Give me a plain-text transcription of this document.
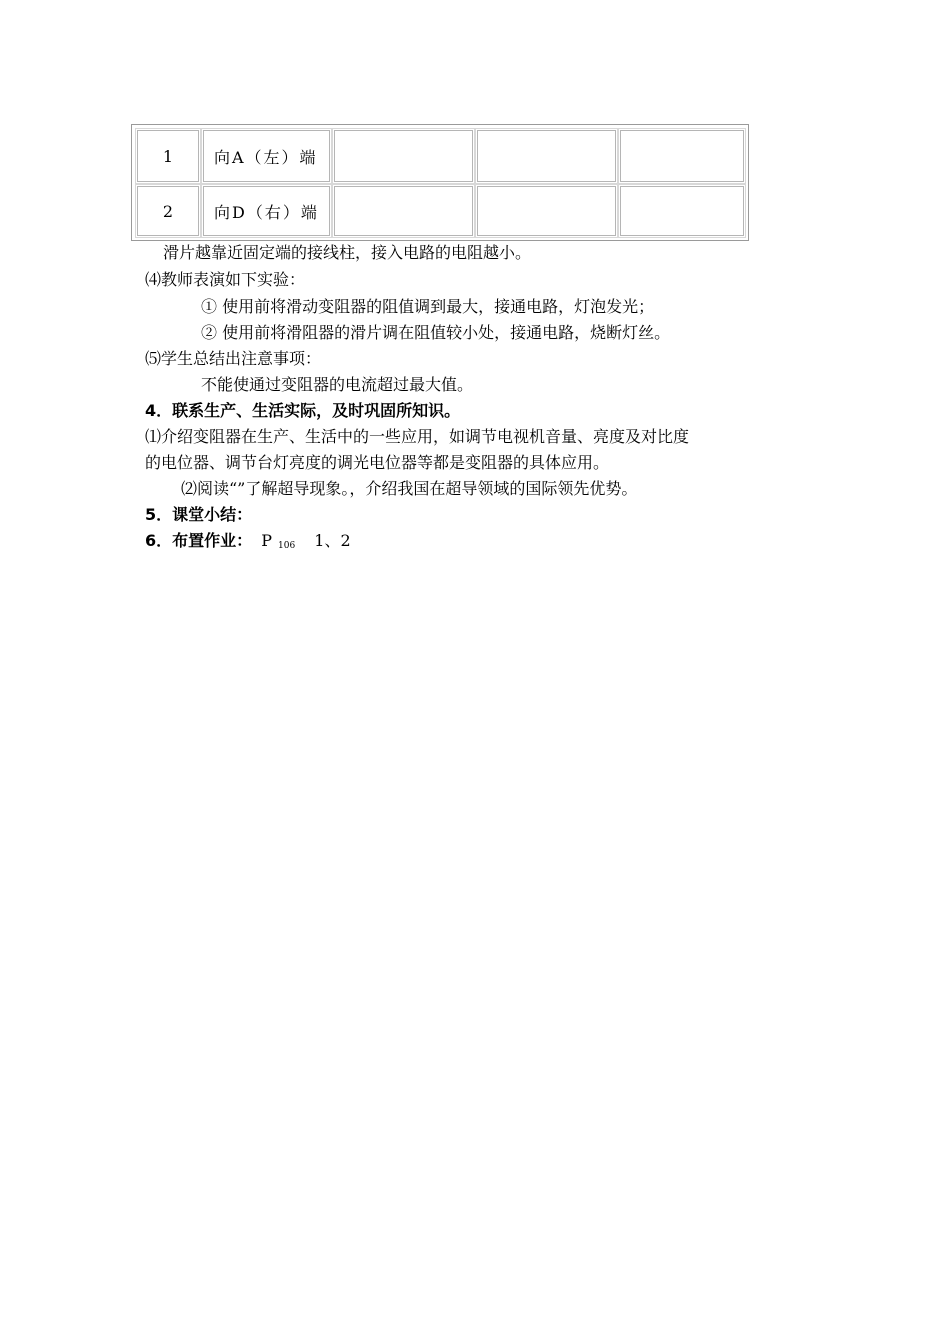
1	向A（左）端
2	向D（右）端
滑片越靠近固定端的接线柱，接入电路的电阻越小。
⑷教师表演如下实验：
① 使用前将滑动变阻器的阻值调到最大，接通电路，灯泡发光；
② 使用前将滑阻器的滑片调在阻值较小处，接通电路，烧断灯丝。
⑸学生总结出注意事项：
不能使通过变阻器的电流超过最大值。
4．联系生产、生活实际，及时巩固所知识。
⑴介绍变阻器在生产、生活中的一些应用，如调节电视机音量、亮度及对比度
的电位器、调节台灯亮度的调光电位器等都是变阻器的具体应用。
⑵阅读“”了解超导现象。，介绍我国在超导领域的国际领先优势。
5．课堂小结：
6．布置作业： P $_{106}$ 1、2
